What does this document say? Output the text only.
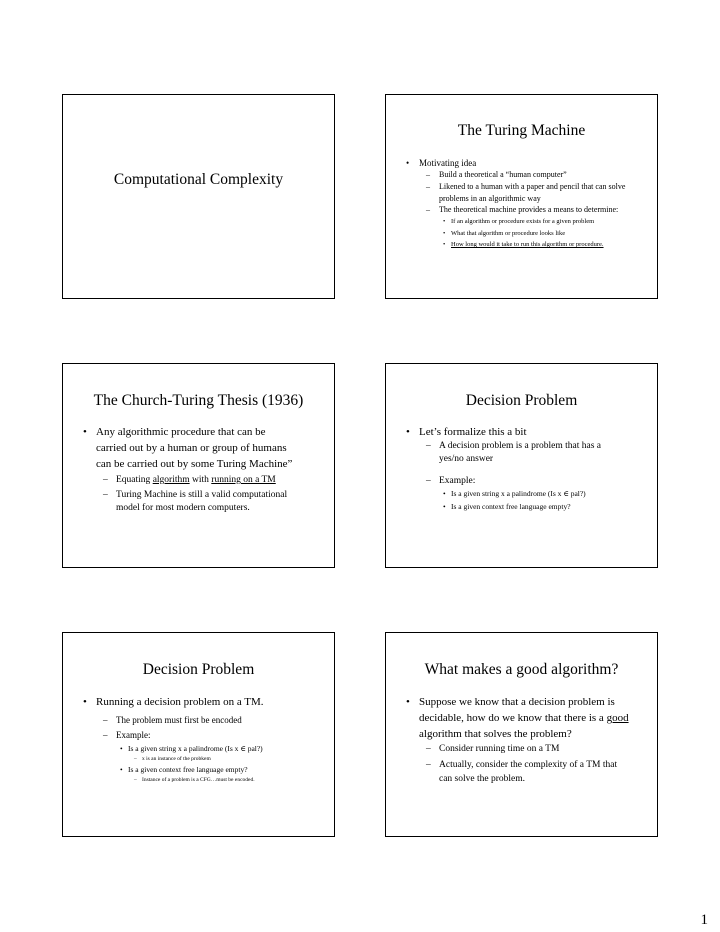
Computational Complexity
The Turing Machine
• Motivating idea
– Build a theoretical a “human computer”
– Likened to a human with a paper and pencil that can solve problems in an algorithmic way
– The theoretical machine provides a means to determine:
• If an algorithm or procedure exists for a given problem
• What that algorithm or procedure looks like
• How long would it take to run this algorithm or procedure.
The Church-Turing Thesis (1936)
• Any algorithmic procedure that can be carried out by a human or group of humans can be carried out by some Turing Machine”
– Equating algorithm with running on a TM
– Turing Machine is still a valid computational model for most modern computers.
Decision Problem
• Let’s formalize this a bit
– A decision problem is a problem that has a yes/no answer
– Example:
• Is a given string x a palindrome (Is x ∈ pal?)
• Is a given context free language empty?
Decision Problem
• Running a decision problem on a TM.
– The problem must first be encoded
– Example:
• Is a given string x a palindrome (Is x ∈ pal?)
– x is an instance of the probkem
• Is a given context free language empty?
– Instance of a problem is a CFG…must be encoded.
What makes a good algorithm?
• Suppose we know that a decision problem is decidable, how do we know that there is a good algorithm that solves the problem?
– Consider running time on a TM
– Actually, consider the complexity of a TM that can solve the problem.
1
